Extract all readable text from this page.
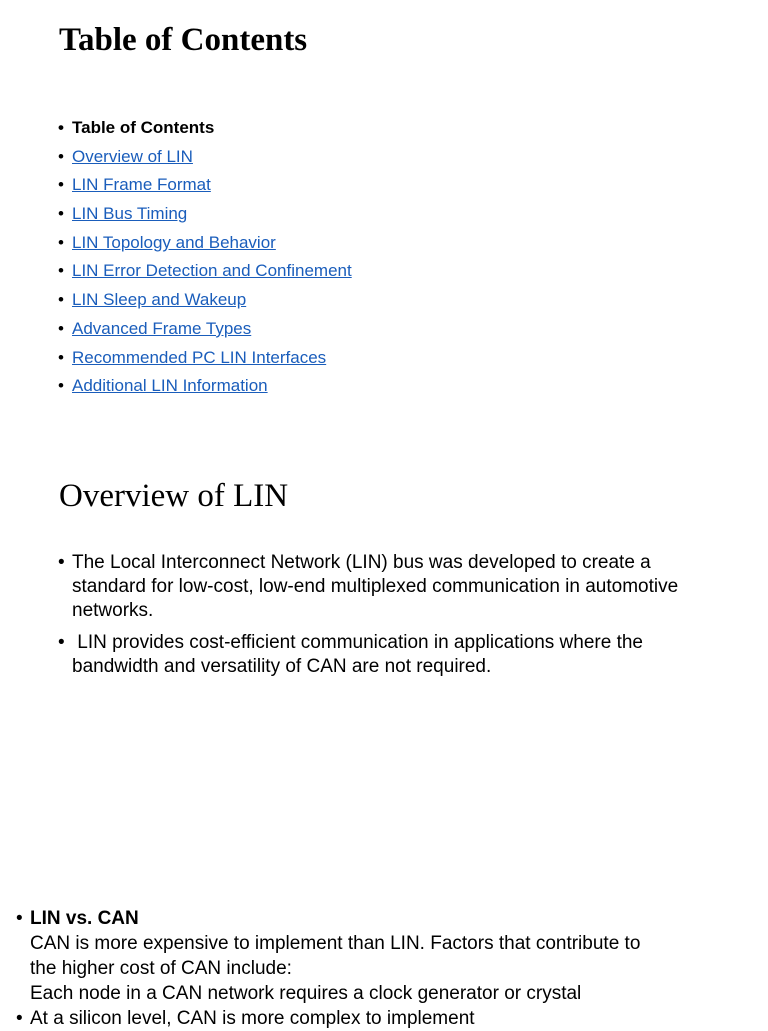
Table of Contents
• Table of Contents
• Overview of LIN
• LIN Frame Format
• LIN Bus Timing
• LIN Topology and Behavior
• LIN Error Detection and Confinement
• LIN Sleep and Wakeup
• Advanced Frame Types
• Recommended PC LIN Interfaces
• Additional LIN Information
Overview of LIN
• The Local Interconnect Network (LIN) bus was developed to create a standard for low-cost, low-end multiplexed communication in automotive networks.
• LIN provides cost-efficient communication in applications where the bandwidth and versatility of CAN are not required.
• LIN vs. CAN
CAN is more expensive to implement than LIN. Factors that contribute to
the higher cost of CAN include:
Each node in a CAN network requires a clock generator or crystal
• At a silicon level, CAN is more complex to implement
